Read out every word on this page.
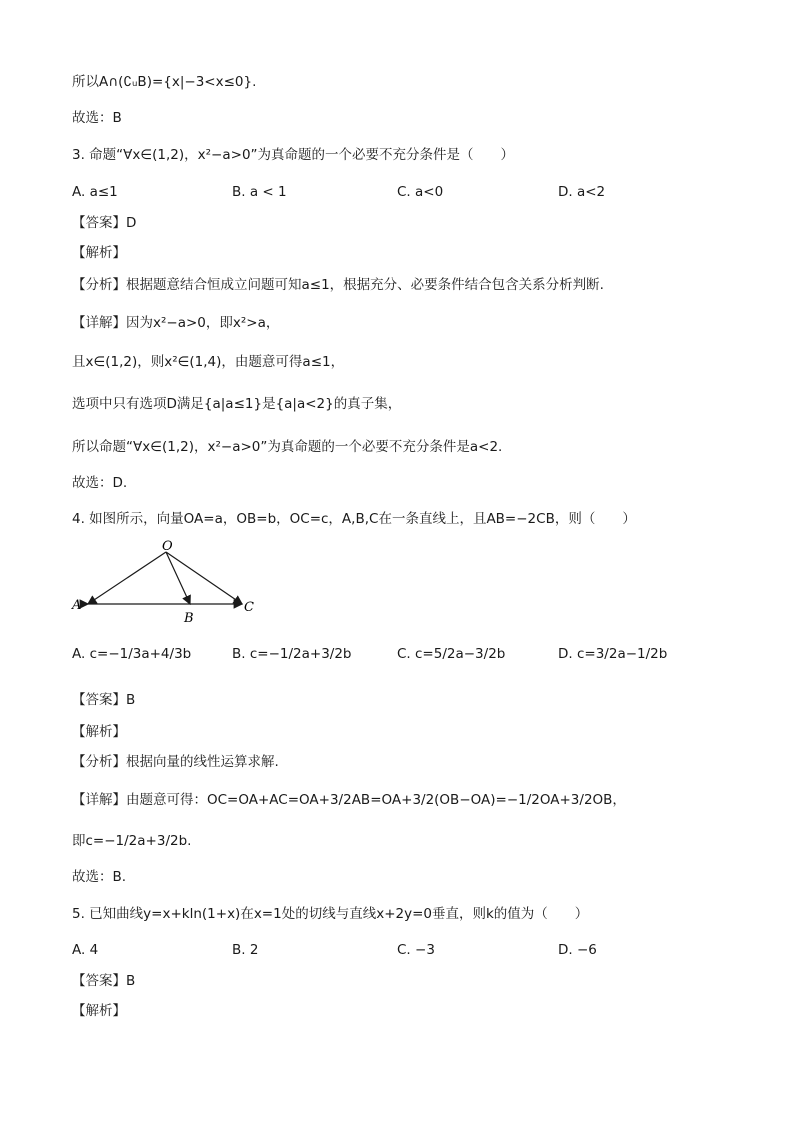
所以A∩(∁ᵤB)={x|−3<x≤0}.
故选：B
3. 命题“∀x∈(1,2)，x²−a>0”为真命题的一个必要不充分条件是（　　）
A. a≤1	B. a < 1	C. a<0	D. a<2
【答案】D
【解析】
【分析】根据题意结合恒成立问题可知a≤1，根据充分、必要条件结合包含关系分析判断.
【详解】因为x²−a>0，即x²>a，
且x∈(1,2)，则x²∈(1,4)，由题意可得a≤1，
选项中只有选项D满足{a|a≤1}是{a|a<2}的真子集，
所以命题“∀x∈(1,2)，x²−a>0”为真命题的一个必要不充分条件是a<2.
故选：D.
4. 如图所示，向量OA=a，OB=b，OC=c，A,B,C在一条直线上，且AB=−2CB，则（　　）
O
A
B
C
A. c=−1/3a+4/3b	B. c=−1/2a+3/2b	C. c=5/2a−3/2b	D. c=3/2a−1/2b
【答案】B
【解析】
【分析】根据向量的线性运算求解.
【详解】由题意可得：OC=OA+AC=OA+3/2AB=OA+3/2(OB−OA)=−1/2OA+3/2OB，
即c=−1/2a+3/2b.
故选：B.
5. 已知曲线y=x+kln(1+x)在x=1处的切线与直线x+2y=0垂直，则k的值为（　　）
A. 4	B. 2	C. −3	D. −6
【答案】B
【解析】
